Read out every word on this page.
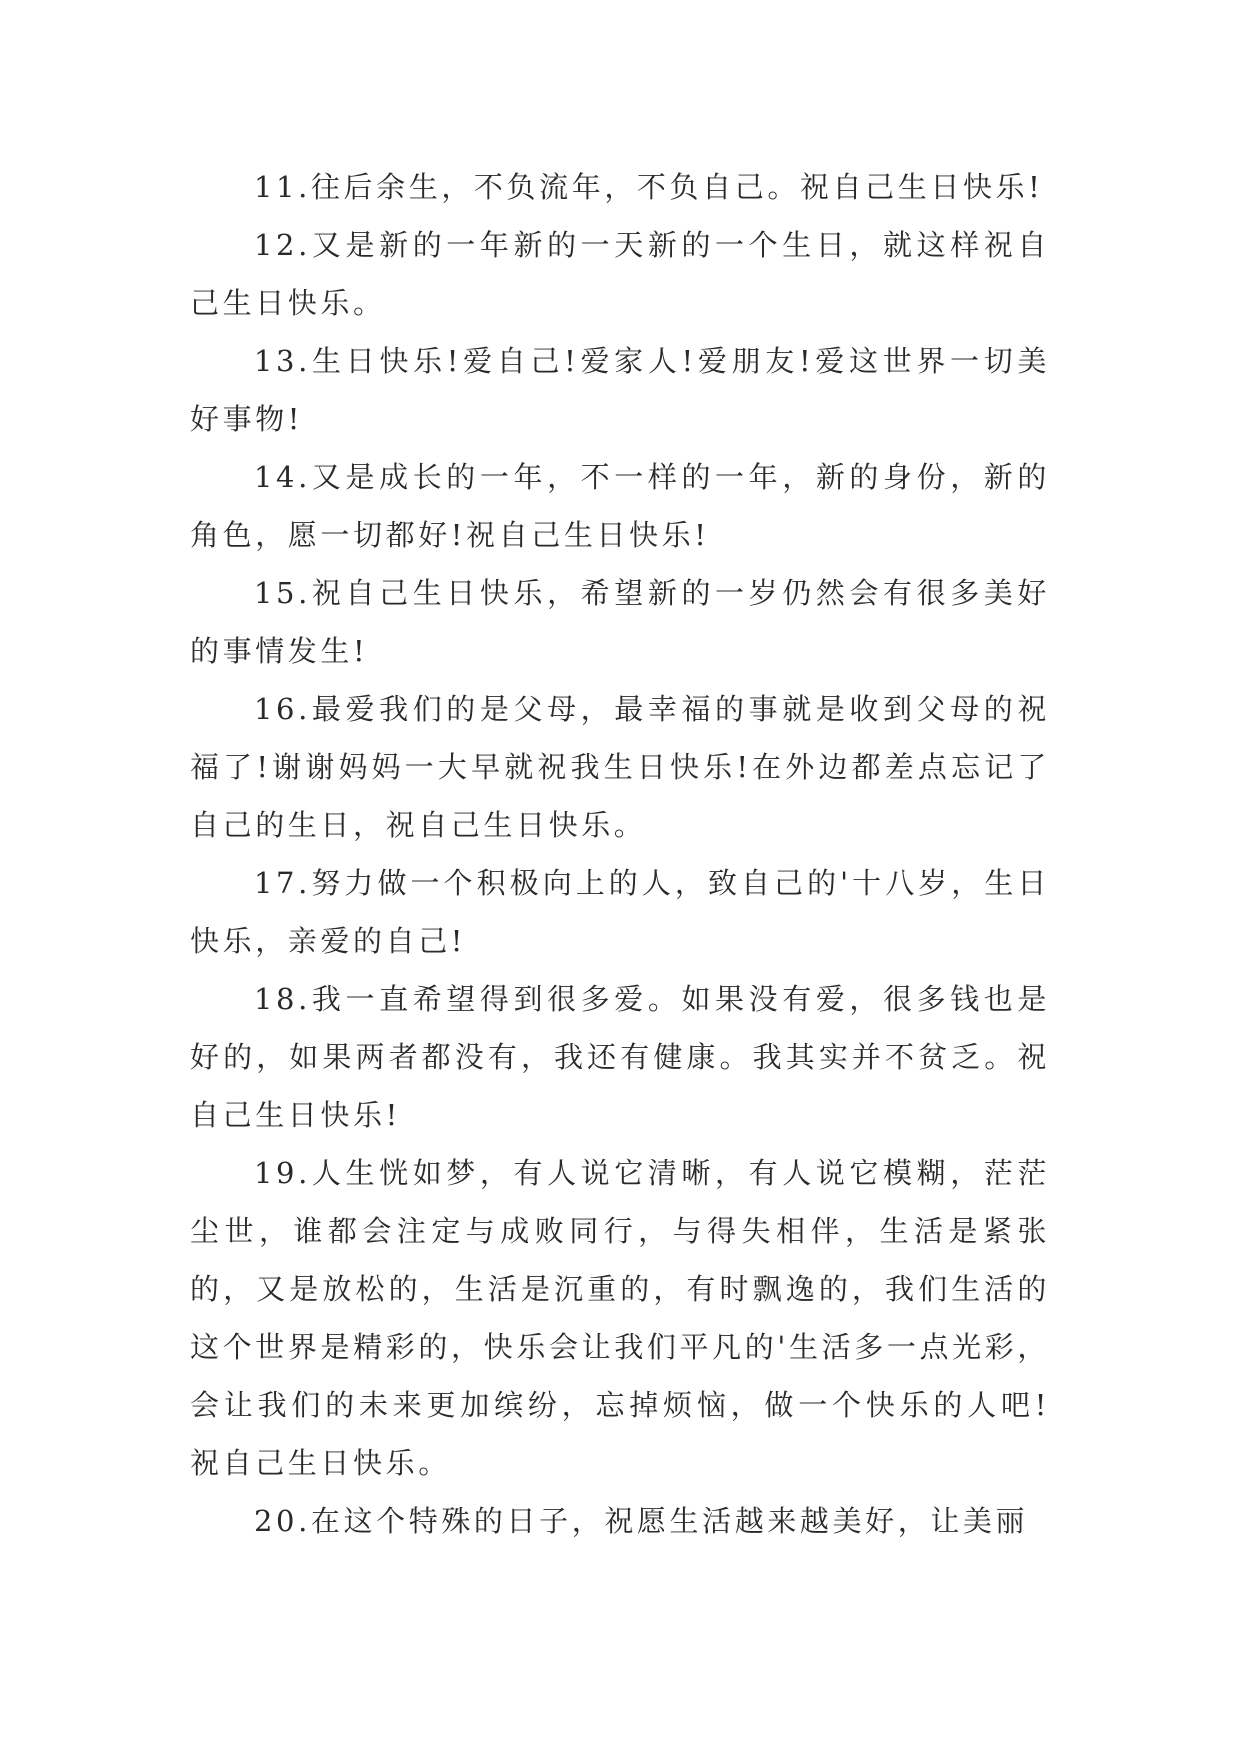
11.往后余生，不负流年，不负自己。祝自己生日快乐!

12.又是新的一年新的一天新的一个生日，就这样祝自己生日快乐。

13.生日快乐!爱自己!爱家人!爱朋友!爱这世界一切美好事物!

14.又是成长的一年，不一样的一年，新的身份，新的角色，愿一切都好!祝自己生日快乐!

15.祝自己生日快乐，希望新的一岁仍然会有很多美好的事情发生!

16.最爱我们的是父母，最幸福的事就是收到父母的祝福了!谢谢妈妈一大早就祝我生日快乐!在外边都差点忘记了自己的生日，祝自己生日快乐。

17.努力做一个积极向上的人，致自己的'十八岁，生日快乐，亲爱的自己!

18.我一直希望得到很多爱。如果没有爱，很多钱也是好的，如果两者都没有，我还有健康。我其实并不贫乏。祝自己生日快乐!

19.人生恍如梦，有人说它清晰，有人说它模糊，茫茫尘世，谁都会注定与成败同行，与得失相伴，生活是紧张的，又是放松的，生活是沉重的，有时飘逸的，我们生活的这个世界是精彩的，快乐会让我们平凡的'生活多一点光彩，会让我们的未来更加缤纷，忘掉烦恼，做一个快乐的人吧!祝自己生日快乐。

20.在这个特殊的日子，祝愿生活越来越美好，让美丽
